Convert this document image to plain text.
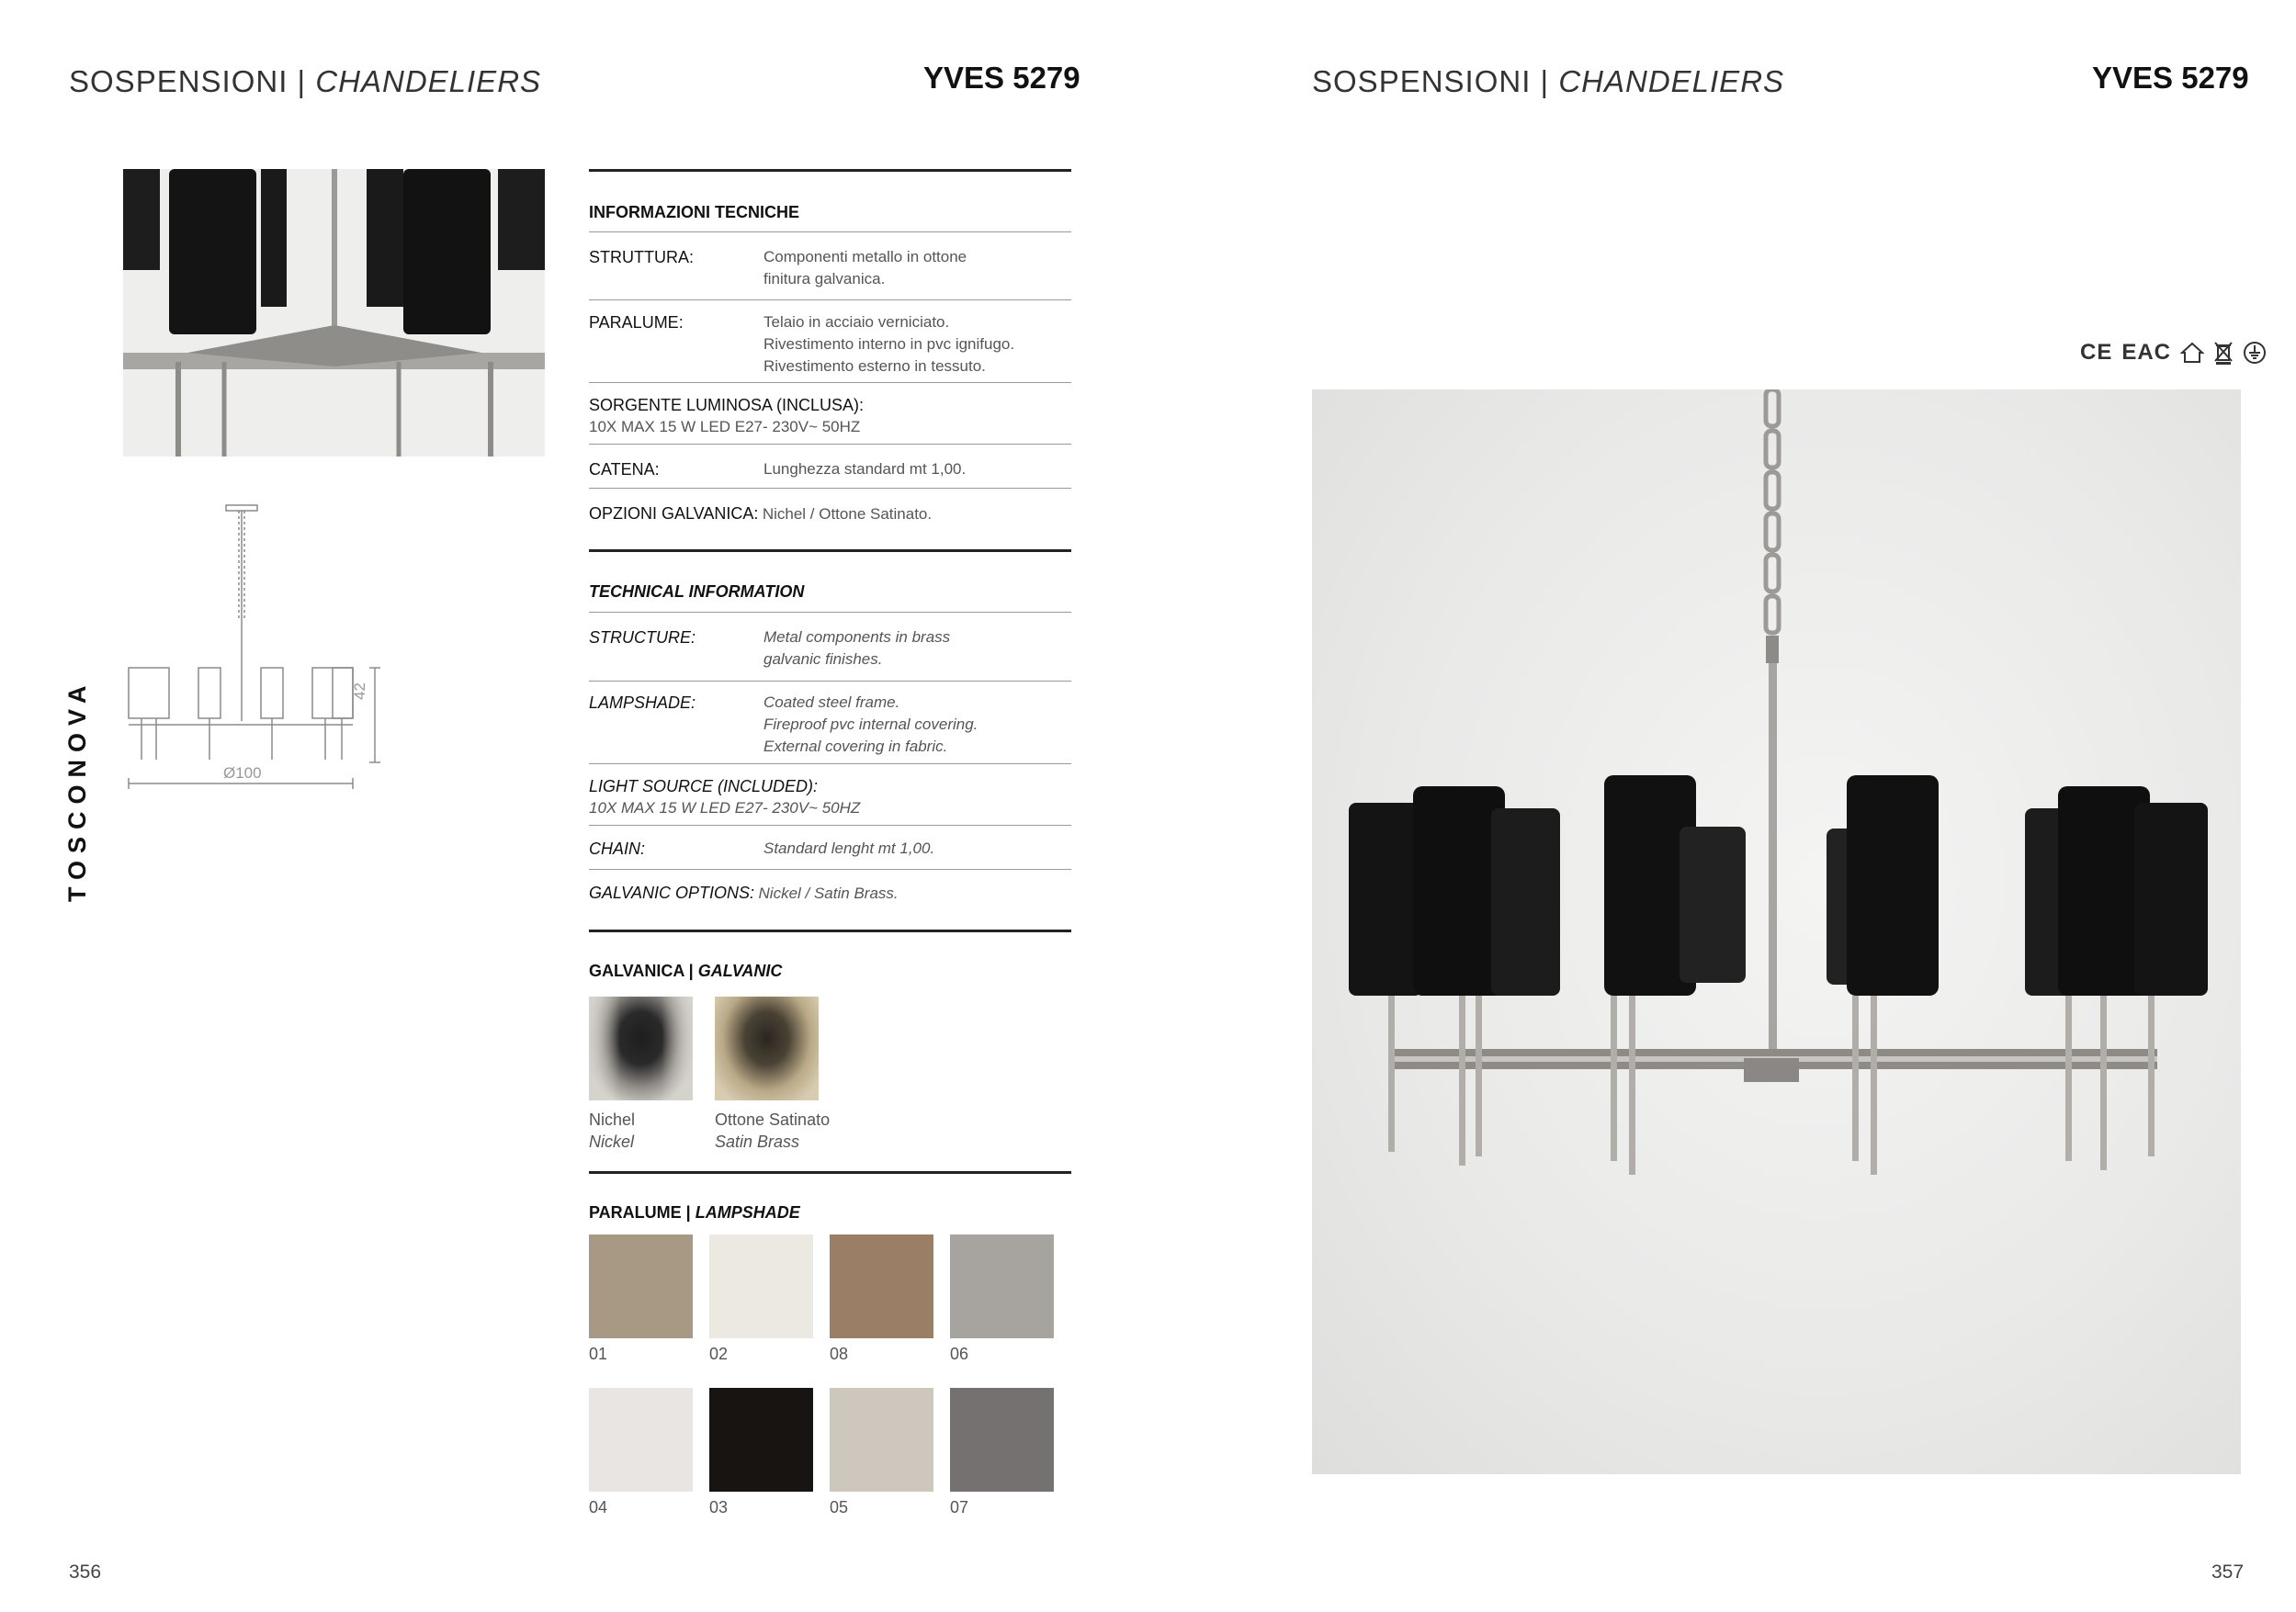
SOSPENSIONI | CHANDELIERS	YVES 5279
42
Ø100
TOSCONOVA
INFORMAZIONI TECNICHE
STRUTTURA:	Componenti metallo in ottone
finitura galvanica.
PARALUME:	Telaio in acciaio verniciato.
Rivestimento interno in pvc ignifugo.
Rivestimento esterno in tessuto.
SORGENTE LUMINOSA (INCLUSA):
10X MAX 15 W LED E27- 230V~ 50HZ
CATENA:	Lunghezza standard mt 1,00.
OPZIONI GALVANICA: Nichel / Ottone Satinato.
TECHNICAL INFORMATION
STRUCTURE:	Metal components in brass
galvanic finishes.
LAMPSHADE:	Coated steel frame.
Fireproof pvc internal covering.
External covering in fabric.
LIGHT SOURCE (INCLUDED):
10X MAX 15 W LED E27- 230V~ 50HZ
CHAIN:	Standard lenght mt 1,00.
GALVANIC OPTIONS: Nickel / Satin Brass.
GALVANICA | GALVANIC
Nichel
Nickel
Ottone Satinato
Satin Brass
PARALUME | LAMPSHADE
01	02	08	06
04	03	05	07
356
SOSPENSIONI | CHANDELIERS	YVES 5279
CE EAC
357
